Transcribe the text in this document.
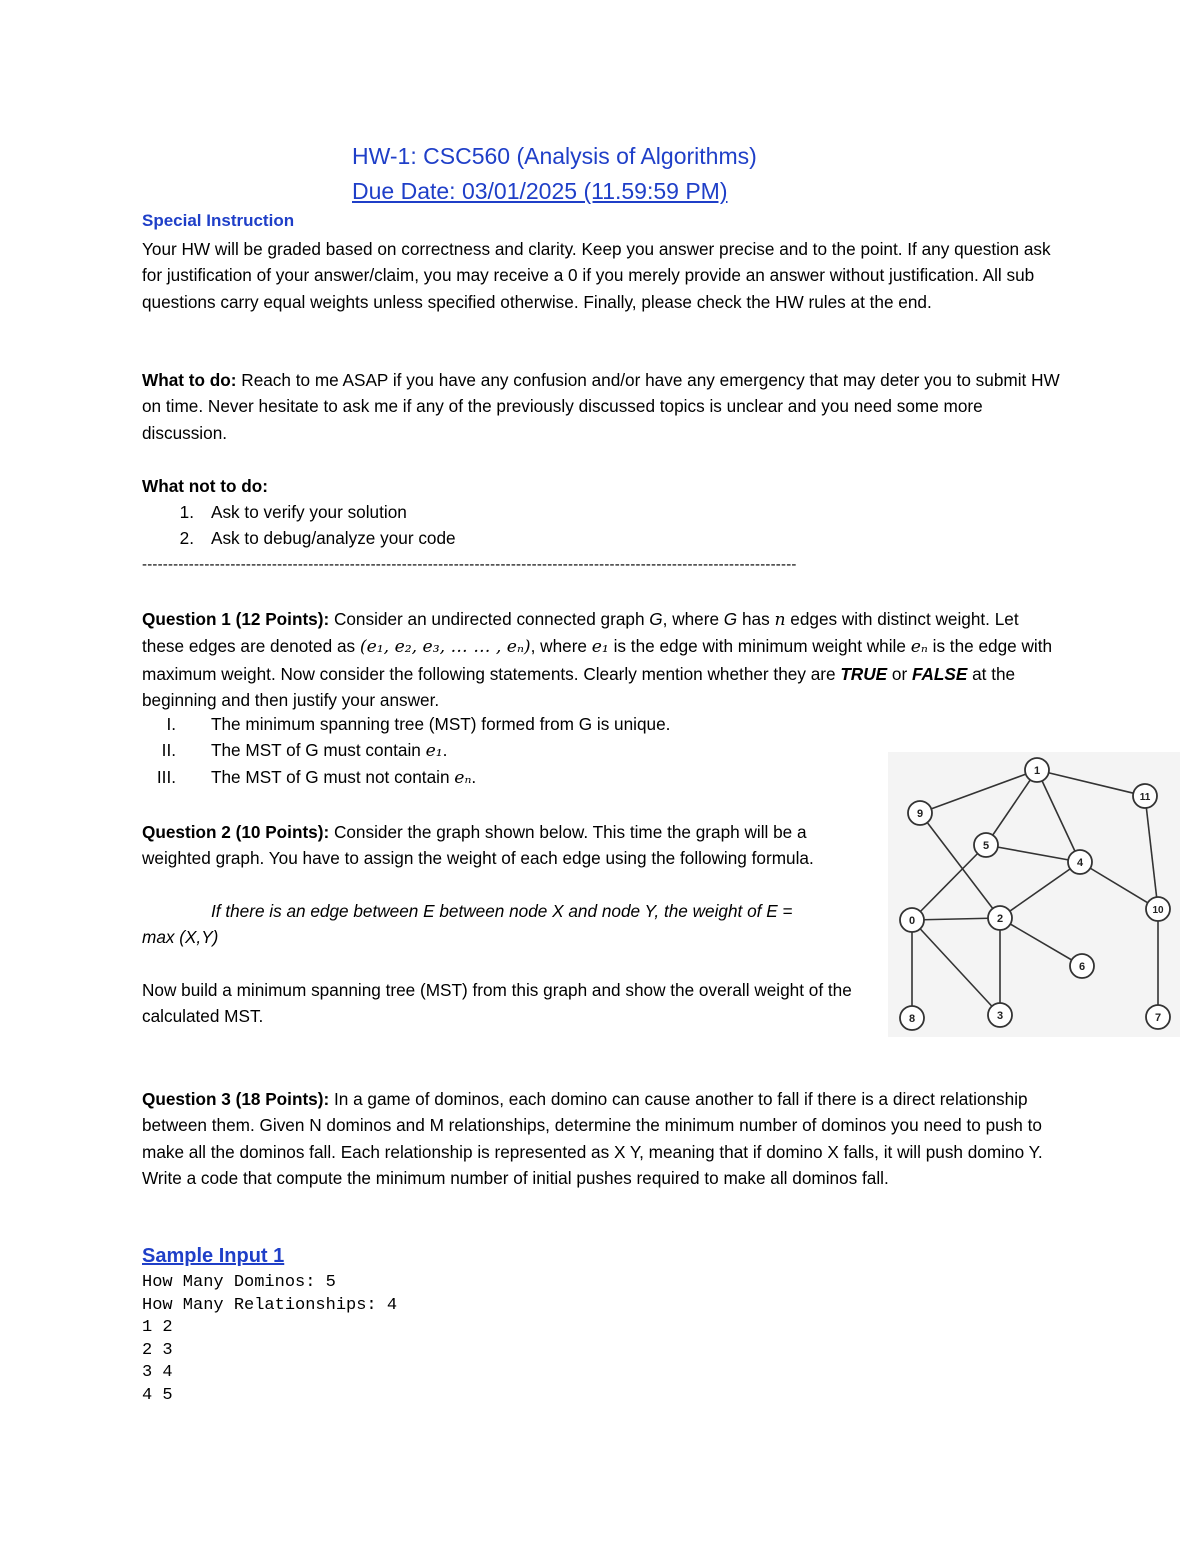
HW-1: CSC560 (Analysis of Algorithms)
Due Date: 03/01/2025 (11.59:59 PM)
Special Instruction
Your HW will be graded based on correctness and clarity. Keep you answer precise and to the point. If any question ask for justification of your answer/claim, you may receive a 0 if you merely provide an answer without justification. All sub questions carry equal weights unless specified otherwise. Finally, please check the HW rules at the end.
What to do: Reach to me ASAP if you have any confusion and/or have any emergency that may deter you to submit HW on time. Never hesitate to ask me if any of the previously discussed topics is unclear and you need some more discussion.
What not to do:
1. Ask to verify your solution
2. Ask to debug/analyze your code
------------------------------------------------------------------------------------------------------------------------------
Question 1 (12 Points): Consider an undirected connected graph G, where G has n edges with distinct weight. Let these edges are denoted as (e₁, e₂, e₃, … … , eₙ), where e₁ is the edge with minimum weight while eₙ is the edge with maximum weight. Now consider the following statements. Clearly mention whether they are TRUE or FALSE at the beginning and then justify your answer.
I. The minimum spanning tree (MST) formed from G is unique.
II. The MST of G must contain e₁.
III. The MST of G must not contain eₙ.
Question 2 (10 Points): Consider the graph shown below. This time the graph will be a weighted graph. You have to assign the weight of each edge using the following formula.
If there is an edge between E between node X and node Y, the weight of E =
max (X,Y)
Now build a minimum spanning tree (MST) from this graph and show the overall weight of the calculated MST.
0
1
2
3
4
5
6
7
8
9
10
11
Question 3 (18 Points): In a game of dominos, each domino can cause another to fall if there is a direct relationship between them. Given N dominos and M relationships, determine the minimum number of dominos you need to push to make all the dominos fall. Each relationship is represented as X Y, meaning that if domino X falls, it will push domino Y. Write a code that compute the minimum number of initial pushes required to make all dominos fall.
Sample Input 1
How Many Dominos: 5
How Many Relationships: 4
1 2
2 3
3 4
4 5
